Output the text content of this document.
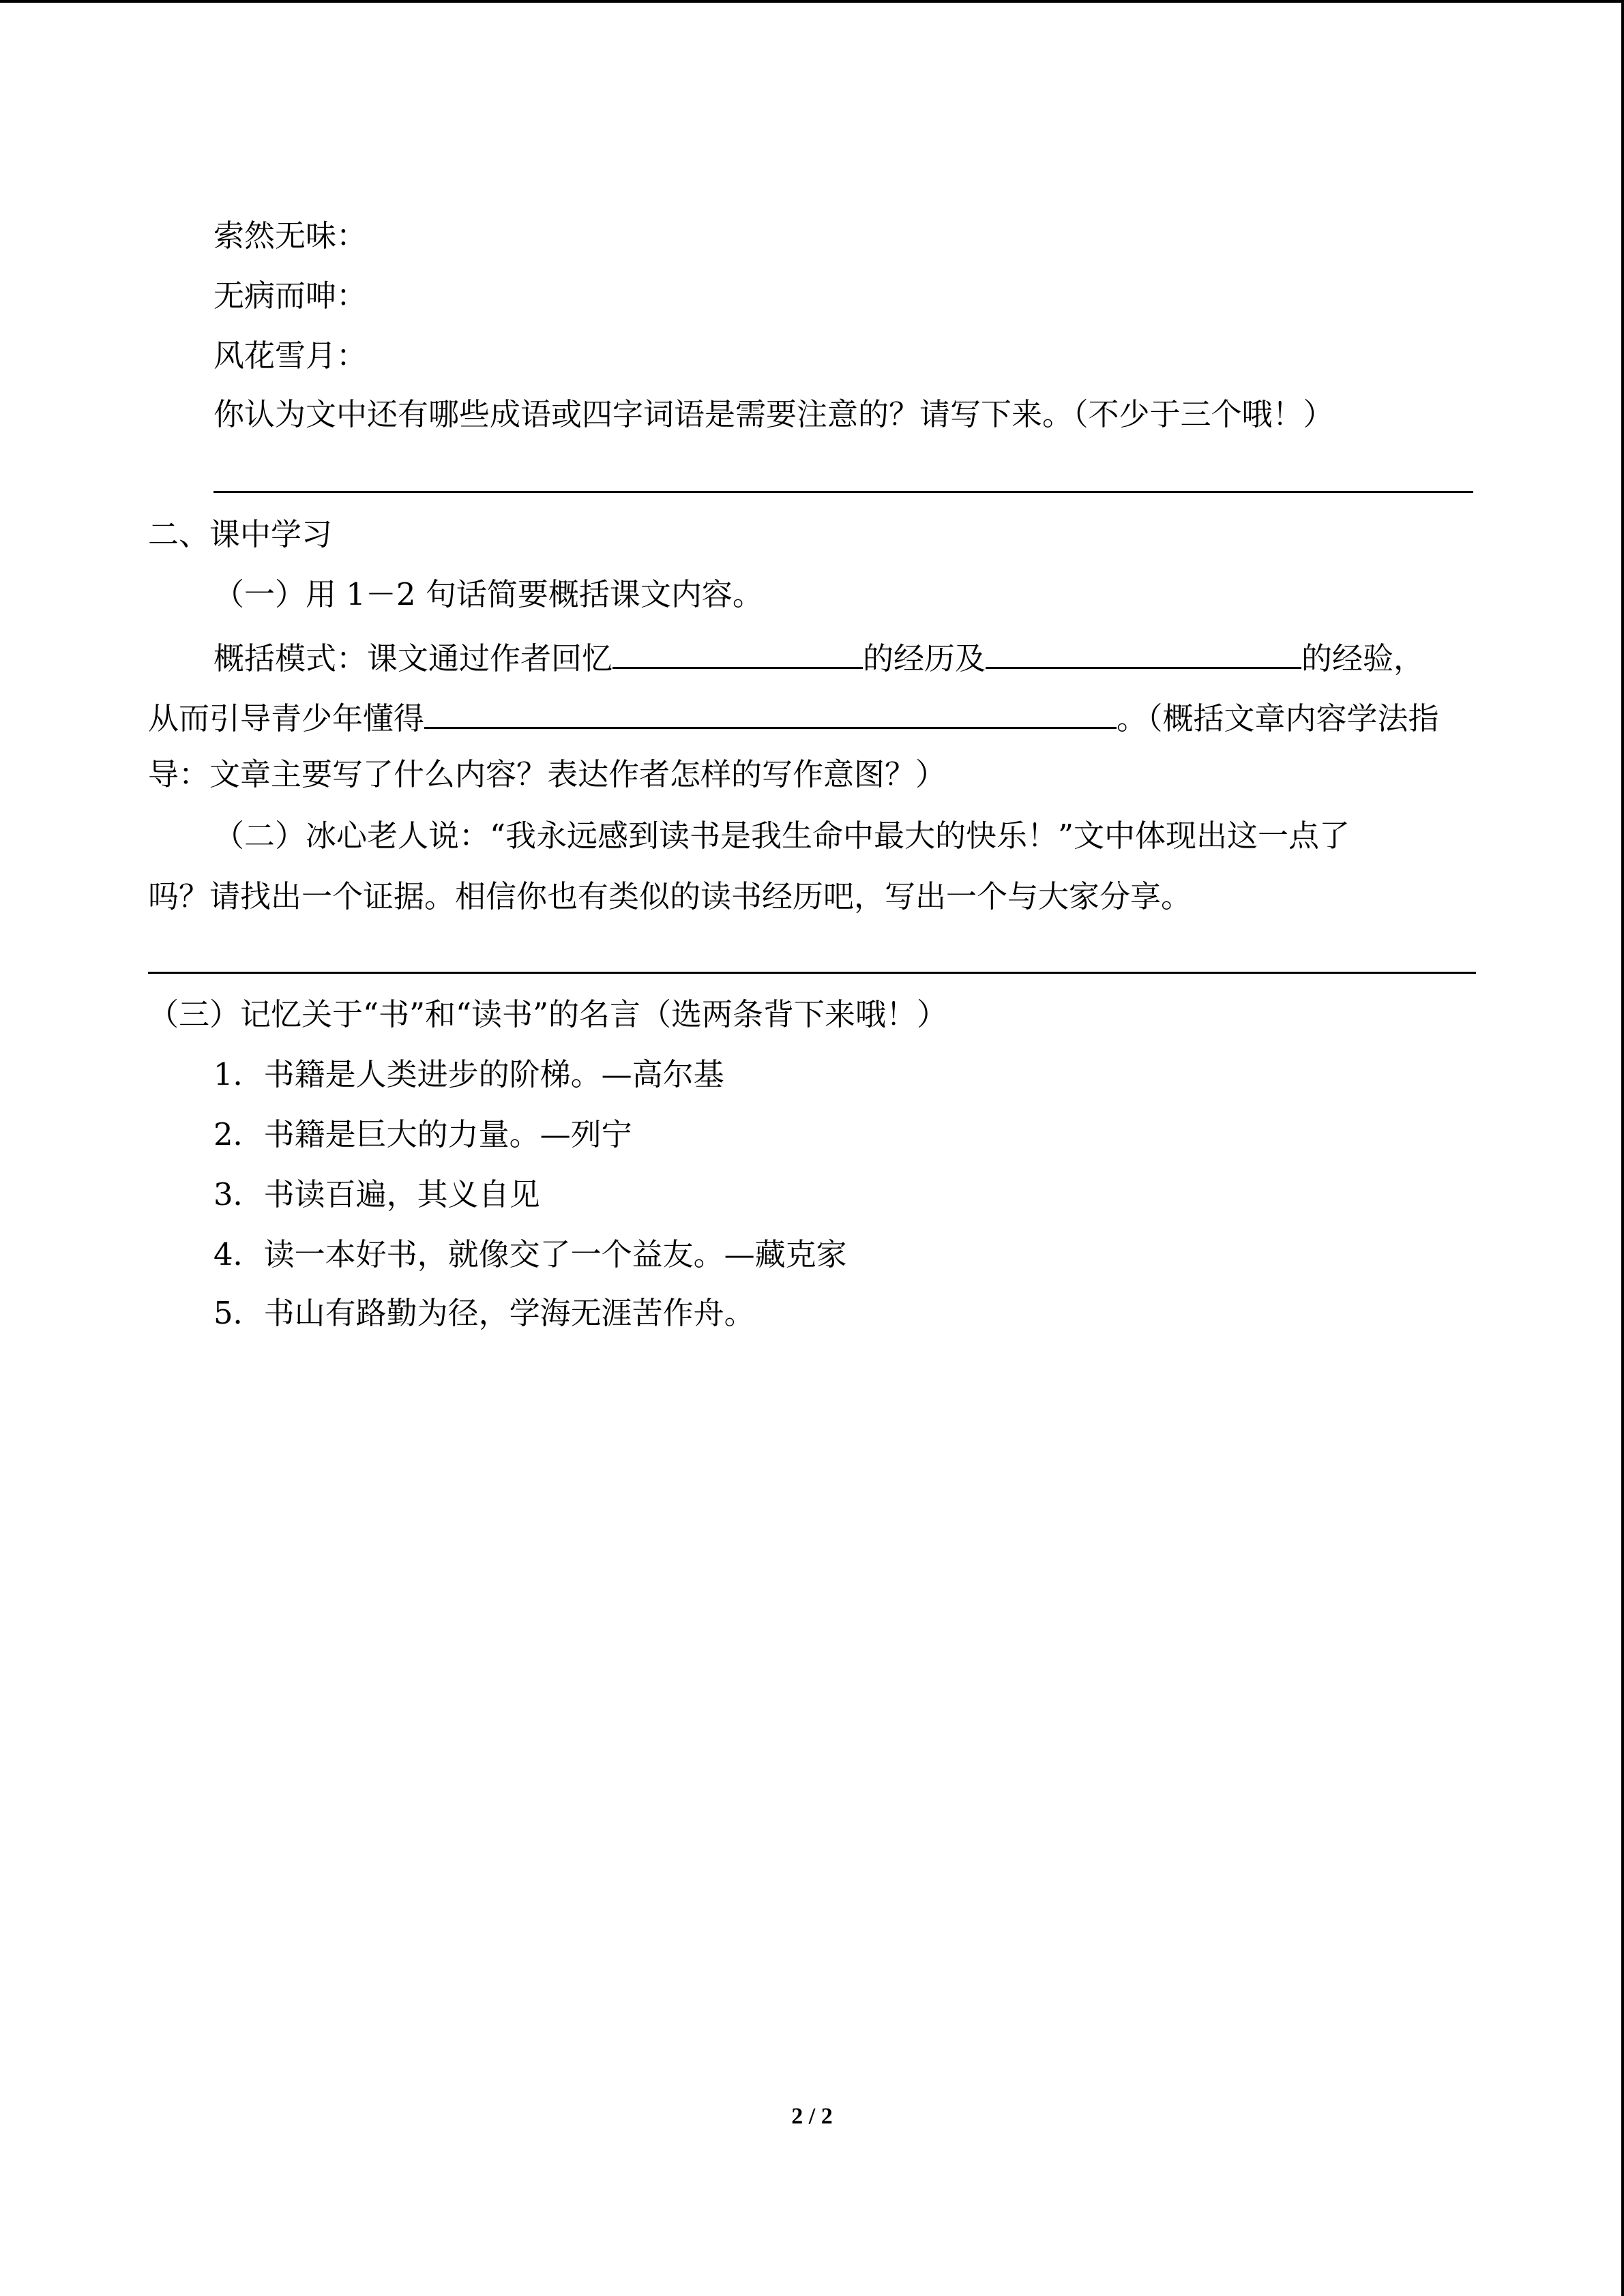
索然无味：
无病而呻：
风花雪月：
你认为文中还有哪些成语或四字词语是需要注意的？请写下来。（不少于三个哦！）
二、课中学习
（一）用 1－2 句话简要概括课文内容。
概括模式：课文通过作者回忆	的经历及	的经验，
从而引导青少年懂得	。（概括文章内容学法指
导：文章主要写了什么内容？表达作者怎样的写作意图？）
（二）冰心老人说：“我永远感到读书是我生命中最大的快乐！”文中体现出这一点了
吗？请找出一个证据。相信你也有类似的读书经历吧，写出一个与大家分享。
（三）记忆关于“书”和“读书”的名言（选两条背下来哦！）
1．书籍是人类进步的阶梯。—高尔基
2．书籍是巨大的力量。—列宁
3．书读百遍，其义自见
4．读一本好书，就像交了一个益友。—藏克家
5．书山有路勤为径，学海无涯苦作舟。
2 / 2
